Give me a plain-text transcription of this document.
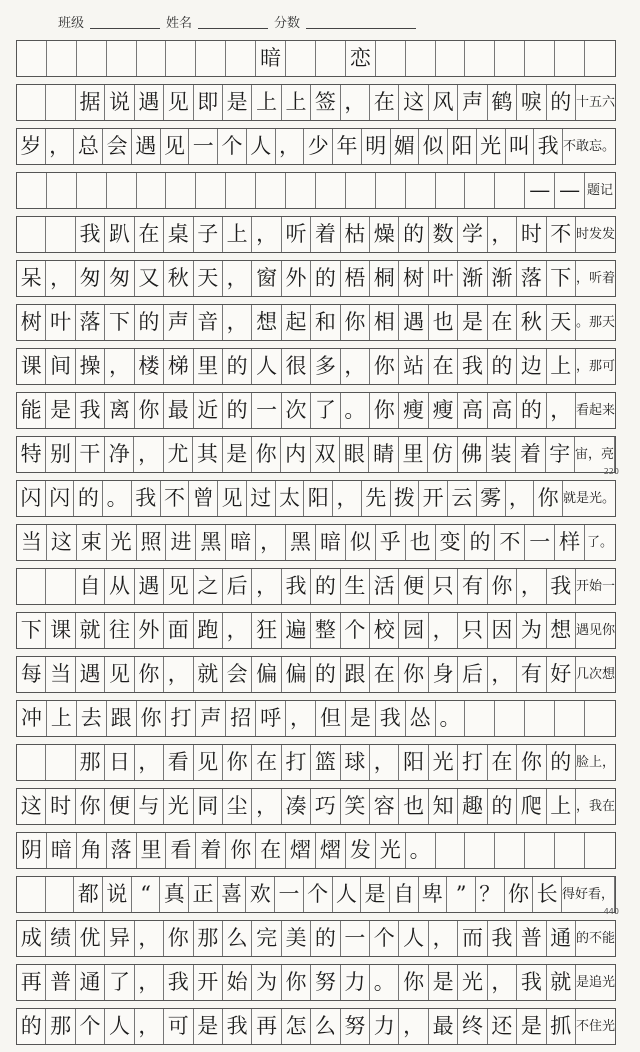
班级	姓名	分数
暗	恋
据 说 遇 见 即 是 上 上 签 ， 在 这 风 声 鹤 唳 的 十五六
岁 ， 总 会 遇 见 一 个 人 ， 少 年 明 媚 似 阳 光 叫 我 不敢忘。
— — 题记
我 趴 在 桌 子 上 ， 听 着 枯 燥 的 数 学 ， 时 不 时发发
呆 ， 匆 匆 又 秋 天 ， 窗 外 的 梧 桐 树 叶 渐 渐 落 下 ，听着
树 叶 落 下 的 声 音 ， 想 起 和 你 相 遇 也 是 在 秋 天 。那天
课 间 操 ， 楼 梯 里 的 人 很 多 ， 你 站 在 我 的 边 上 ，那可
能 是 我 离 你 最 近 的 一 次 了 。 你 瘦 瘦 高 高 的 ， 看起来
特 别 干 净 ， 尤 其 是 你 内 双 眼 睛 里 仿 佛 装 着 宇 宙，亮
220
闪 闪 的 。 我 不 曾 见 过 太 阳 ， 先 拨 开 云 雾 ， 你 就是光。
当 这 束 光 照 进 黑 暗 ， 黑 暗 似 乎 也 变 的 不 一 样 了。
自 从 遇 见 之 后 ， 我 的 生 活 便 只 有 你 ， 我 开始一
下 课 就 往 外 面 跑 ， 狂 遍 整 个 校 园 ， 只 因 为 想 遇见你
每 当 遇 见 你 ， 就 会 偏 偏 的 跟 在 你 身 后 ， 有 好 几次想
冲 上 去 跟 你 打 声 招 呼 ， 但 是 我 怂 。
那 日 ， 看 见 你 在 打 篮 球 ， 阳 光 打 在 你 的 脸上，
这 时 你 便 与 光 同 尘 ， 凑 巧 笑 容 也 知 趣 的 爬 上 ，我在
阴 暗 角 落 里 看 着 你 在 熠 熠 发 光 。
都 说 “ 真 正 喜 欢 一 个 人 是 自 卑 ” ？ 你 长 得好看，
440
成 绩 优 异 ， 你 那 么 完 美 的 一 个 人 ， 而 我 普 通 的不能
再 普 通 了 ， 我 开 始 为 你 努 力 。 你 是 光 ， 我 就 是追光
的 那 个 人 ， 可 是 我 再 怎 么 努 力 ， 最 终 还 是 抓 不住光
